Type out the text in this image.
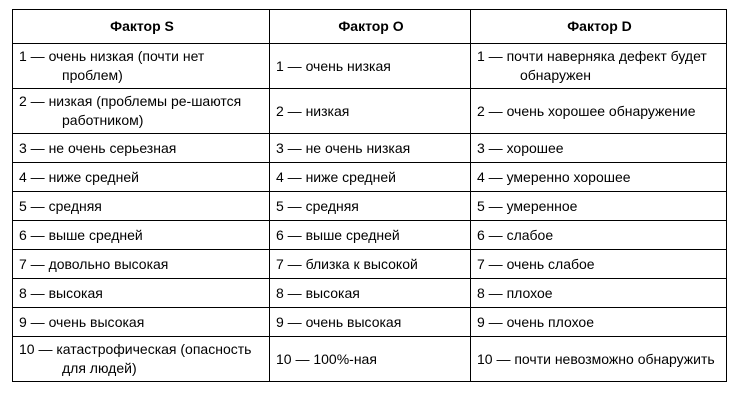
Фактор S	Фактор O	Фактор D

1 — очень низкая (почти нет проблем)	1 — очень низкая	1 — почти наверняка дефект будет обнаружен

2 — низкая (проблемы ре-шаются работником)	2 — низкая	2 — очень хорошее обнаружение

3 — не очень серьезная	3 — не очень низкая	3 — хорошее

4 — ниже средней	4 — ниже средней	4 — умеренно хорошее

5 — средняя	5 — средняя	5 — умеренное

6 — выше средней	6 — выше средней	6 — слабое

7 — довольно высокая	7 — близка к высокой	7 — очень слабое

8 — высокая	8 — высокая	8 — плохое

9 — очень высокая	9 — очень высокая	9 — очень плохое

10 — катастрофическая (опасность для людей)	10 — 100%-ная	10 — почти невозможно обнаружить
